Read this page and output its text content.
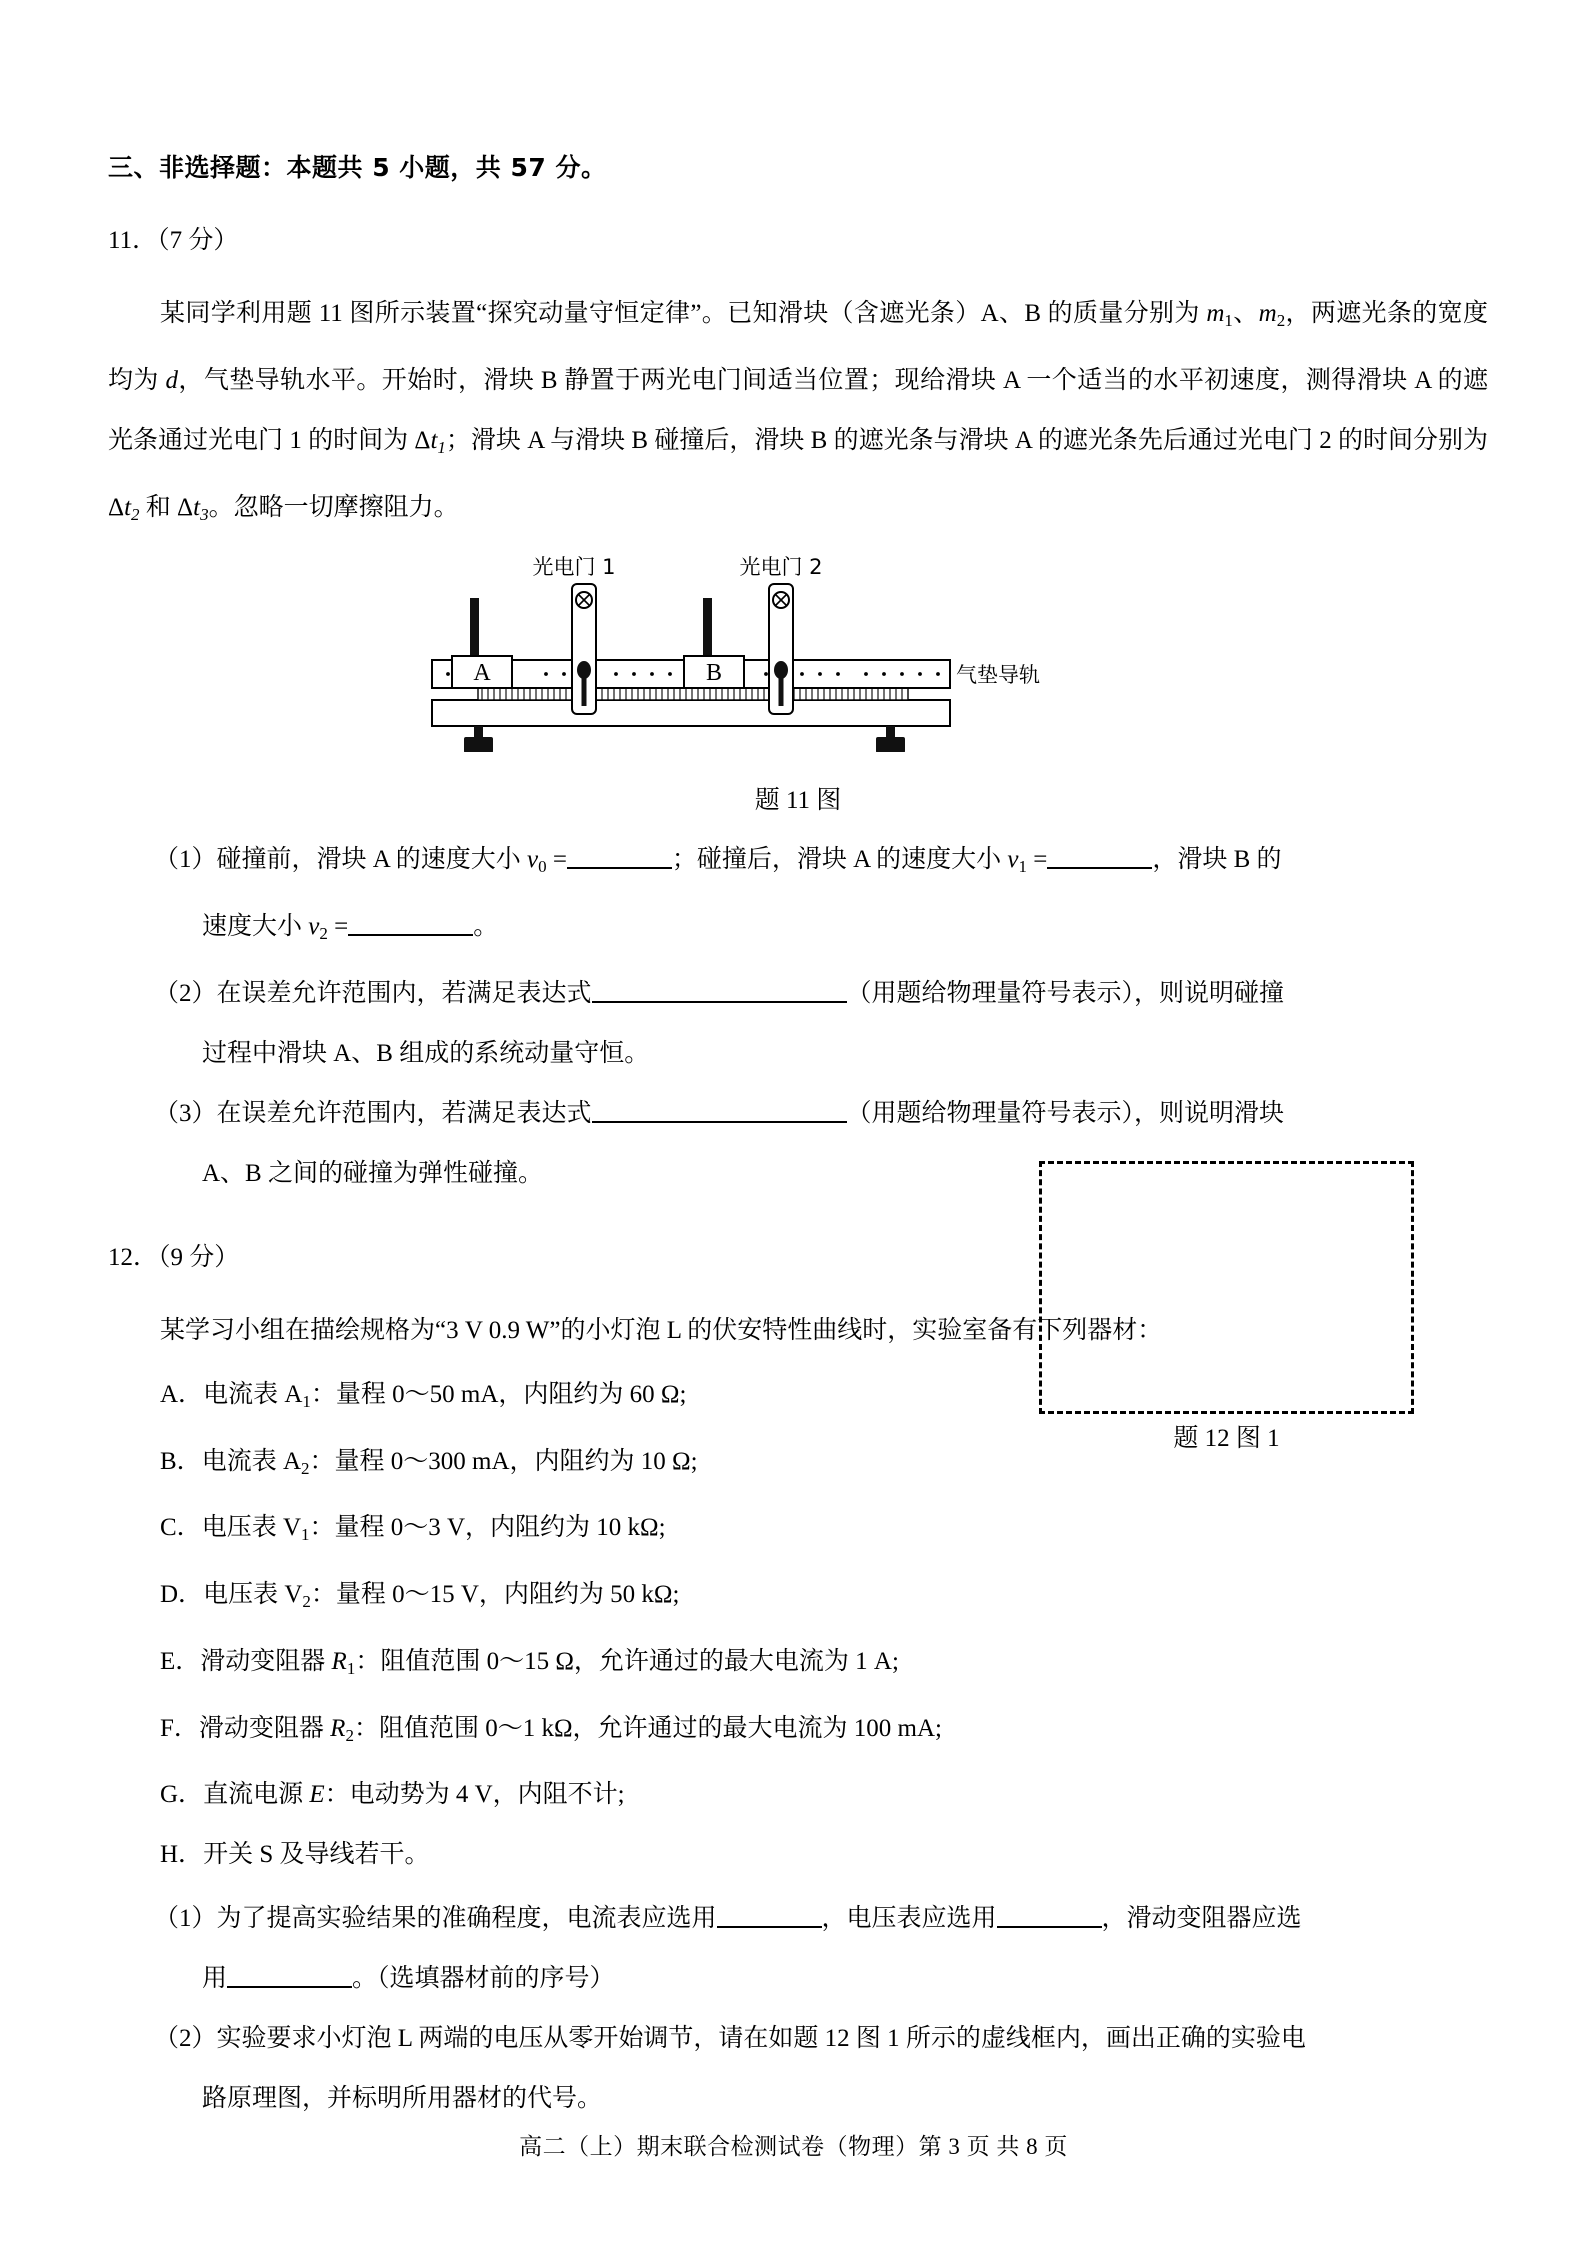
三、非选择题：本题共 5 小题，共 57 分。
11．（7 分）

某同学利用题 11 图所示装置“探究动量守恒定律”。已知滑块（含遮光条）A、B 的质量分别为 m1、m2，两遮光条的宽度均为 d，气垫导轨水平。开始时，滑块 B 静置于两光电门间适当位置；现给滑块 A 一个适当的水平初速度，测得滑块 A 的遮光条通过光电门 1 的时间为 $\Delta t_1$；滑块 A 与滑块 B 碰撞后，滑块 B 的遮光条与滑块 A 的遮光条先后通过光电门 2 的时间分别为 $\Delta t_2$ 和 $\Delta t_3$。忽略一切摩擦阻力。

光电门 1	光电门 2
A	B	气垫导轨
题 11 图
（1）碰撞前，滑块 A 的速度大小 v0 =	；碰撞后，滑块 A 的速度大小 v1 =	，滑块 B 的
速度大小 v2 =	。
（2）在误差允许范围内，若满足表达式	（用题给物理量符号表示），则说明碰撞
过程中滑块 A、B 组成的系统动量守恒。
（3）在误差允许范围内，若满足表达式	（用题给物理量符号表示），则说明滑块
A、B 之间的碰撞为弹性碰撞。
12．（9 分）

某学习小组在描绘规格为“3 V 0.9 W”的小灯泡 L 的伏安特性曲线时，实验室备有下列器材：

A．电流表 A1：量程 0～50 mA，内阻约为 60 Ω;
B．电流表 A2：量程 0～300 mA，内阻约为 10 Ω;
C．电压表 V1：量程 0～3 V，内阻约为 10 kΩ;
D．电压表 V2：量程 0～15 V，内阻约为 50 kΩ;
E．滑动变阻器 R1：阻值范围 0～15 Ω，允许通过的最大电流为 1 A;
F．滑动变阻器 R2：阻值范围 0～1 kΩ，允许通过的最大电流为 100 mA;
G．直流电源 E：电动势为 4 V，内阻不计;
H．开关 S 及导线若干。
（1）为了提高实验结果的准确程度，电流表应选用	，电压表应选用	，滑动变阻器应选
用	。（选填器材前的序号）
（2）实验要求小灯泡 L 两端的电压从零开始调节，请在如题 12 图 1 所示的虚线框内，画出正确的实验电
路原理图，并标明所用器材的代号。
题 12 图 1
高二（上）期末联合检测试卷（物理）第 3 页 共 8 页
